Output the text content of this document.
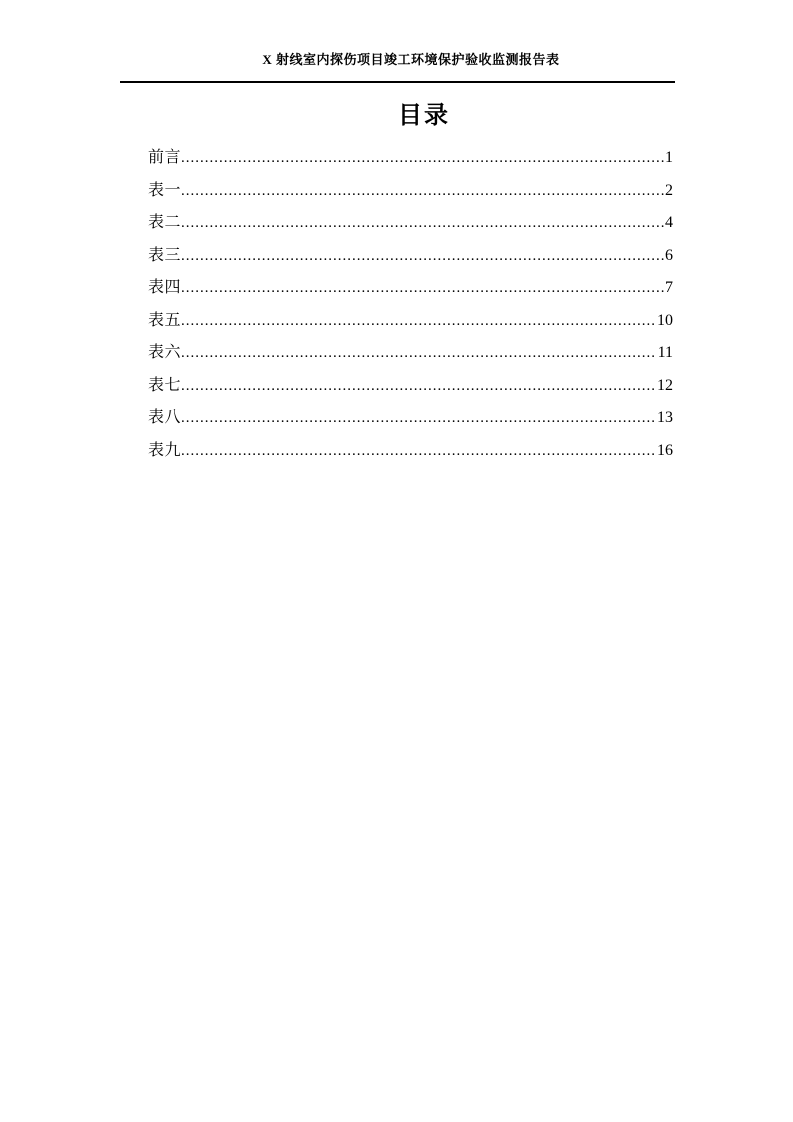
X 射线室内探伤项目竣工环境保护验收监测报告表
目录
前言 .....	1
表一 .....	2
表二 .....	4
表三 .....	6
表四 .....	7
表五 .....	10
表六 .....	11
表七 .....	12
表八 .....	13
表九 .....	16
